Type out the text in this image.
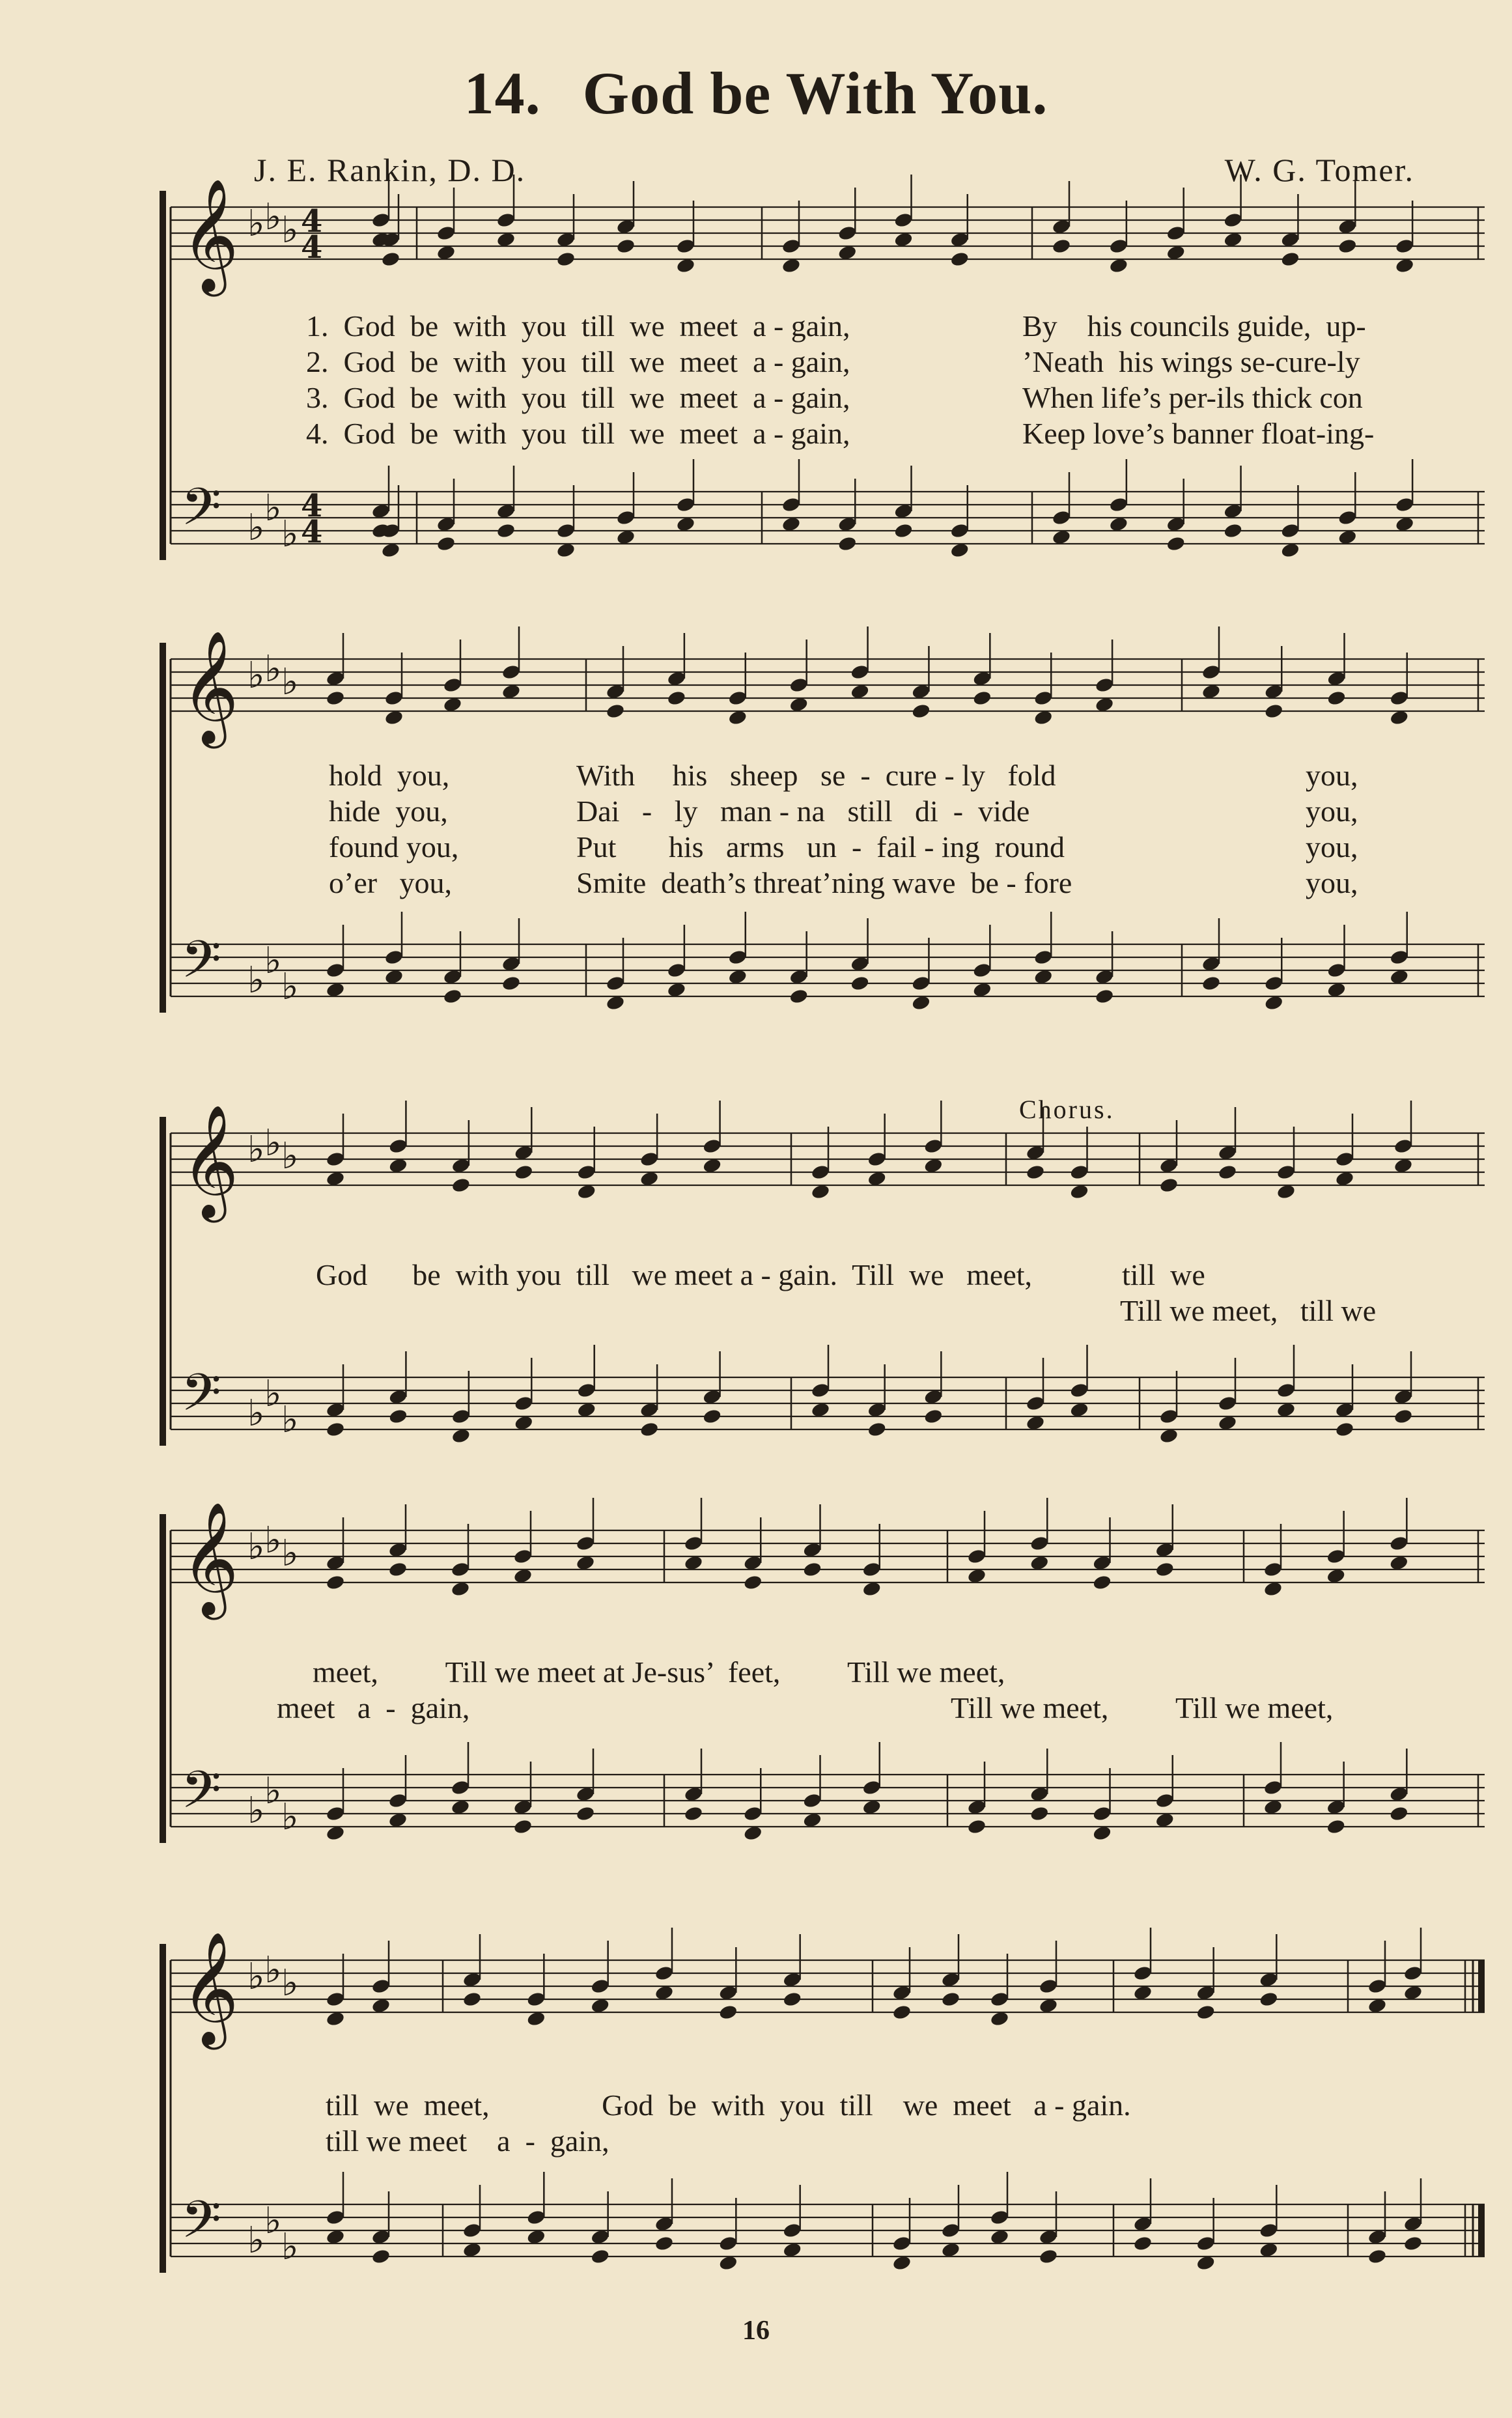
14. God be With You.
J. E. Rankin, D. D.	W. G. Tomer.
𝄞 ♭ ♭ ♭ 4
4
𝄢 ♭ ♭
♭
4
4
𝄞 ♭ ♭ ♭
𝄢 ♭ ♭
♭
𝄞 ♭ ♭ ♭
𝄢 ♭ ♭
♭
𝄞 ♭ ♭ ♭
𝄢 ♭ ♭
♭
𝄞 ♭ ♭ ♭
𝄢 ♭ ♭
♭
1.  God  be  with  you  till  we  meet  a - gain,	By    his councils guide,  up-
2.  God  be  with  you  till  we  meet  a - gain,	’Neath  his wings se-cure-ly
3.  God  be  with  you  till  we  meet  a - gain,	When life’s per-ils thick con
4.  God  be  with  you  till  we  meet  a - gain,	Keep love’s banner float-ing-
hold  you,	With     his   sheep   se  -  cure - ly   fold	you,
hide  you,	Dai   -   ly   man - na   still   di  -  vide	you,
found you,	Put       his   arms   un  -  fail - ing  round	you,
o’er   you,	Smite  death’s threat’ning wave  be - fore	you,
Chorus.
God      be  with you  till   we meet a - gain.  Till  we   meet,            till  we
Till we meet,   till we
meet,         Till we meet at Je-sus’  feet,         Till we meet,
meet   a  -  gain,	Till we meet,         Till we meet,
till  we  meet,               God  be  with  you  till    we  meet   a - gain.
till we meet    a  -  gain,
16
